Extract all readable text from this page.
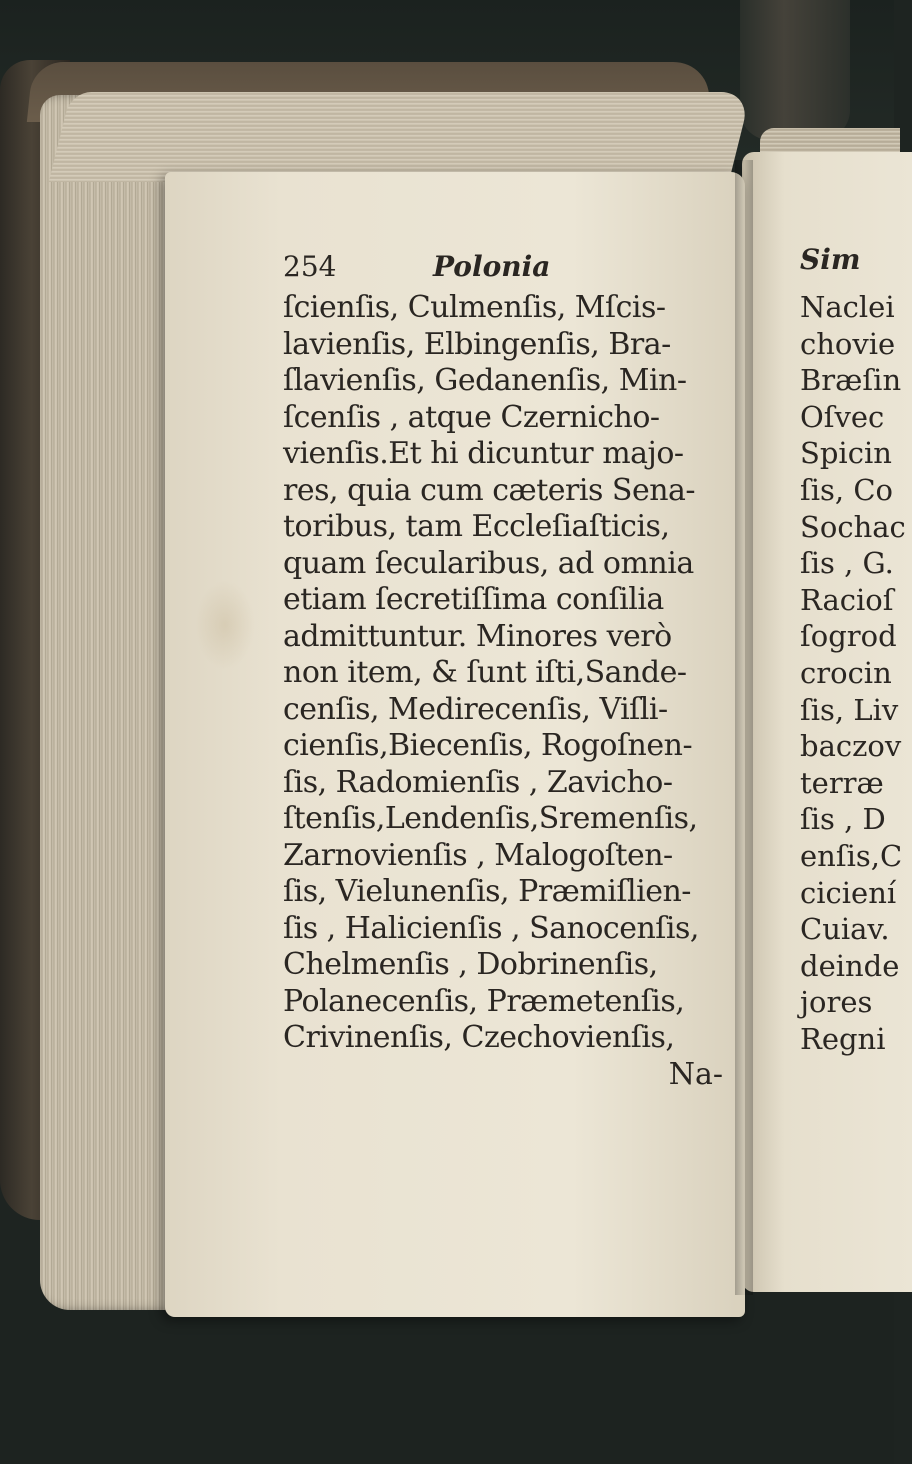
254	Polonia
ſcienſis, Culmenſis, Mſcis-
lavienſis, Elbingenſis, Bra-
ſlavienſis, Gedanenſis, Min-
ſcenſis , atque Czernicho-
vienſis.Et hi dicuntur majo-
res, quia cum cæteris Sena-
toribus, tam Eccleſiaſticis,
quam ſecularibus, ad omnia
etiam ſecretiſſima conſilia
admittuntur. Minores verò
non item, & ſunt iſti,Sande-
cenſis, Medirecenſis, Viſli-
cienſis,Biecenſis, Rogoſnen-
ſis, Radomienſis , Zavicho-
ſtenſis,Lendenſis,Sremenſis,
Zarnovienſis , Malogoſten-
ſis, Vielunenſis, Præmiſlien-
ſis , Halicienſis , Sanocenſis,
Chelmenſis , Dobrinenſis,
Polanecenſis, Præmetenſis,
Crivinenſis, Czechovienſis,
Na-
Sim
Naclei
chovie
Bræſin
Oſvec
Spicin
ſis, Co
Sochac
ſis , G.
Racioſ
ſogrod
crocin
ſis, Liv
baczov
terræ
ſis , D
enſis,C
ciciení
Cuiav.
deinde
jores
Regni
